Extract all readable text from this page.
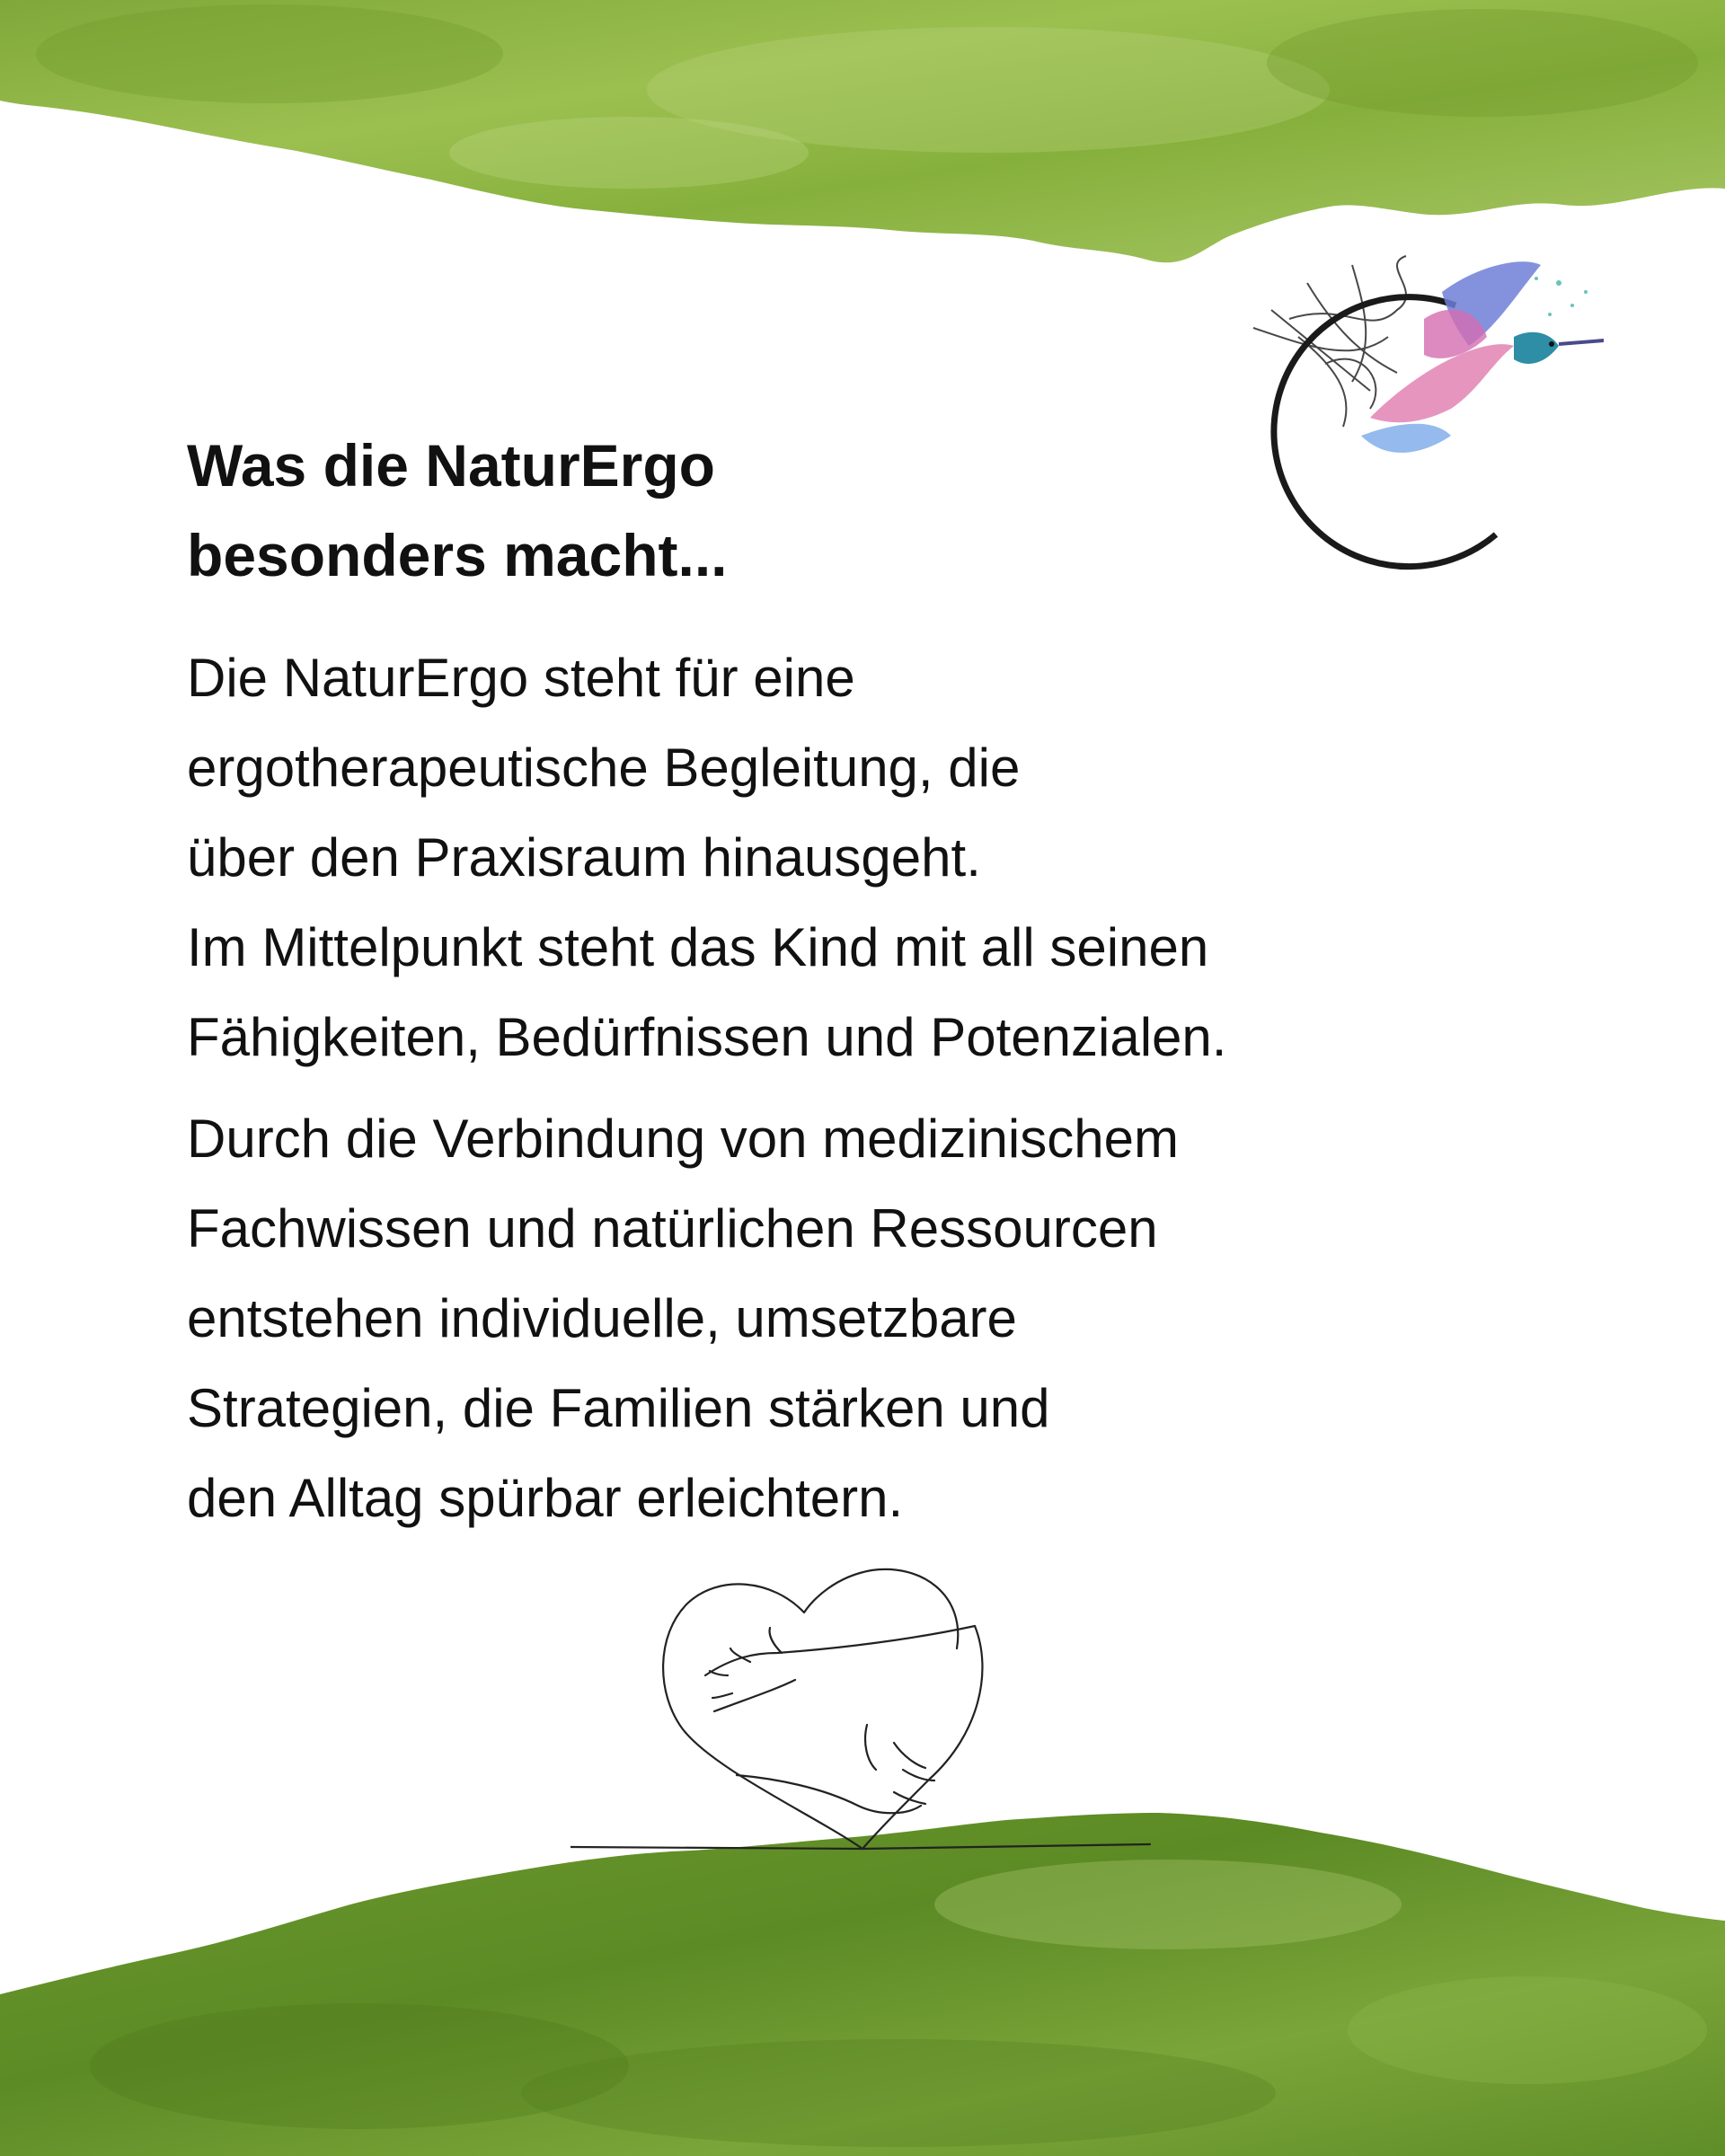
Was die NaturErgo
besonders macht...

Die NaturErgo steht für eine
ergotherapeutische Begleitung, die
über den Praxisraum hinausgeht.
Im Mittelpunkt steht das Kind mit all seinen
Fähigkeiten, Bedürfnissen und Potenzialen.

Durch die Verbindung von medizinischem
Fachwissen und natürlichen Ressourcen
entstehen individuelle, umsetzbare
Strategien, die Familien stärken und
den Alltag spürbar erleichtern.
